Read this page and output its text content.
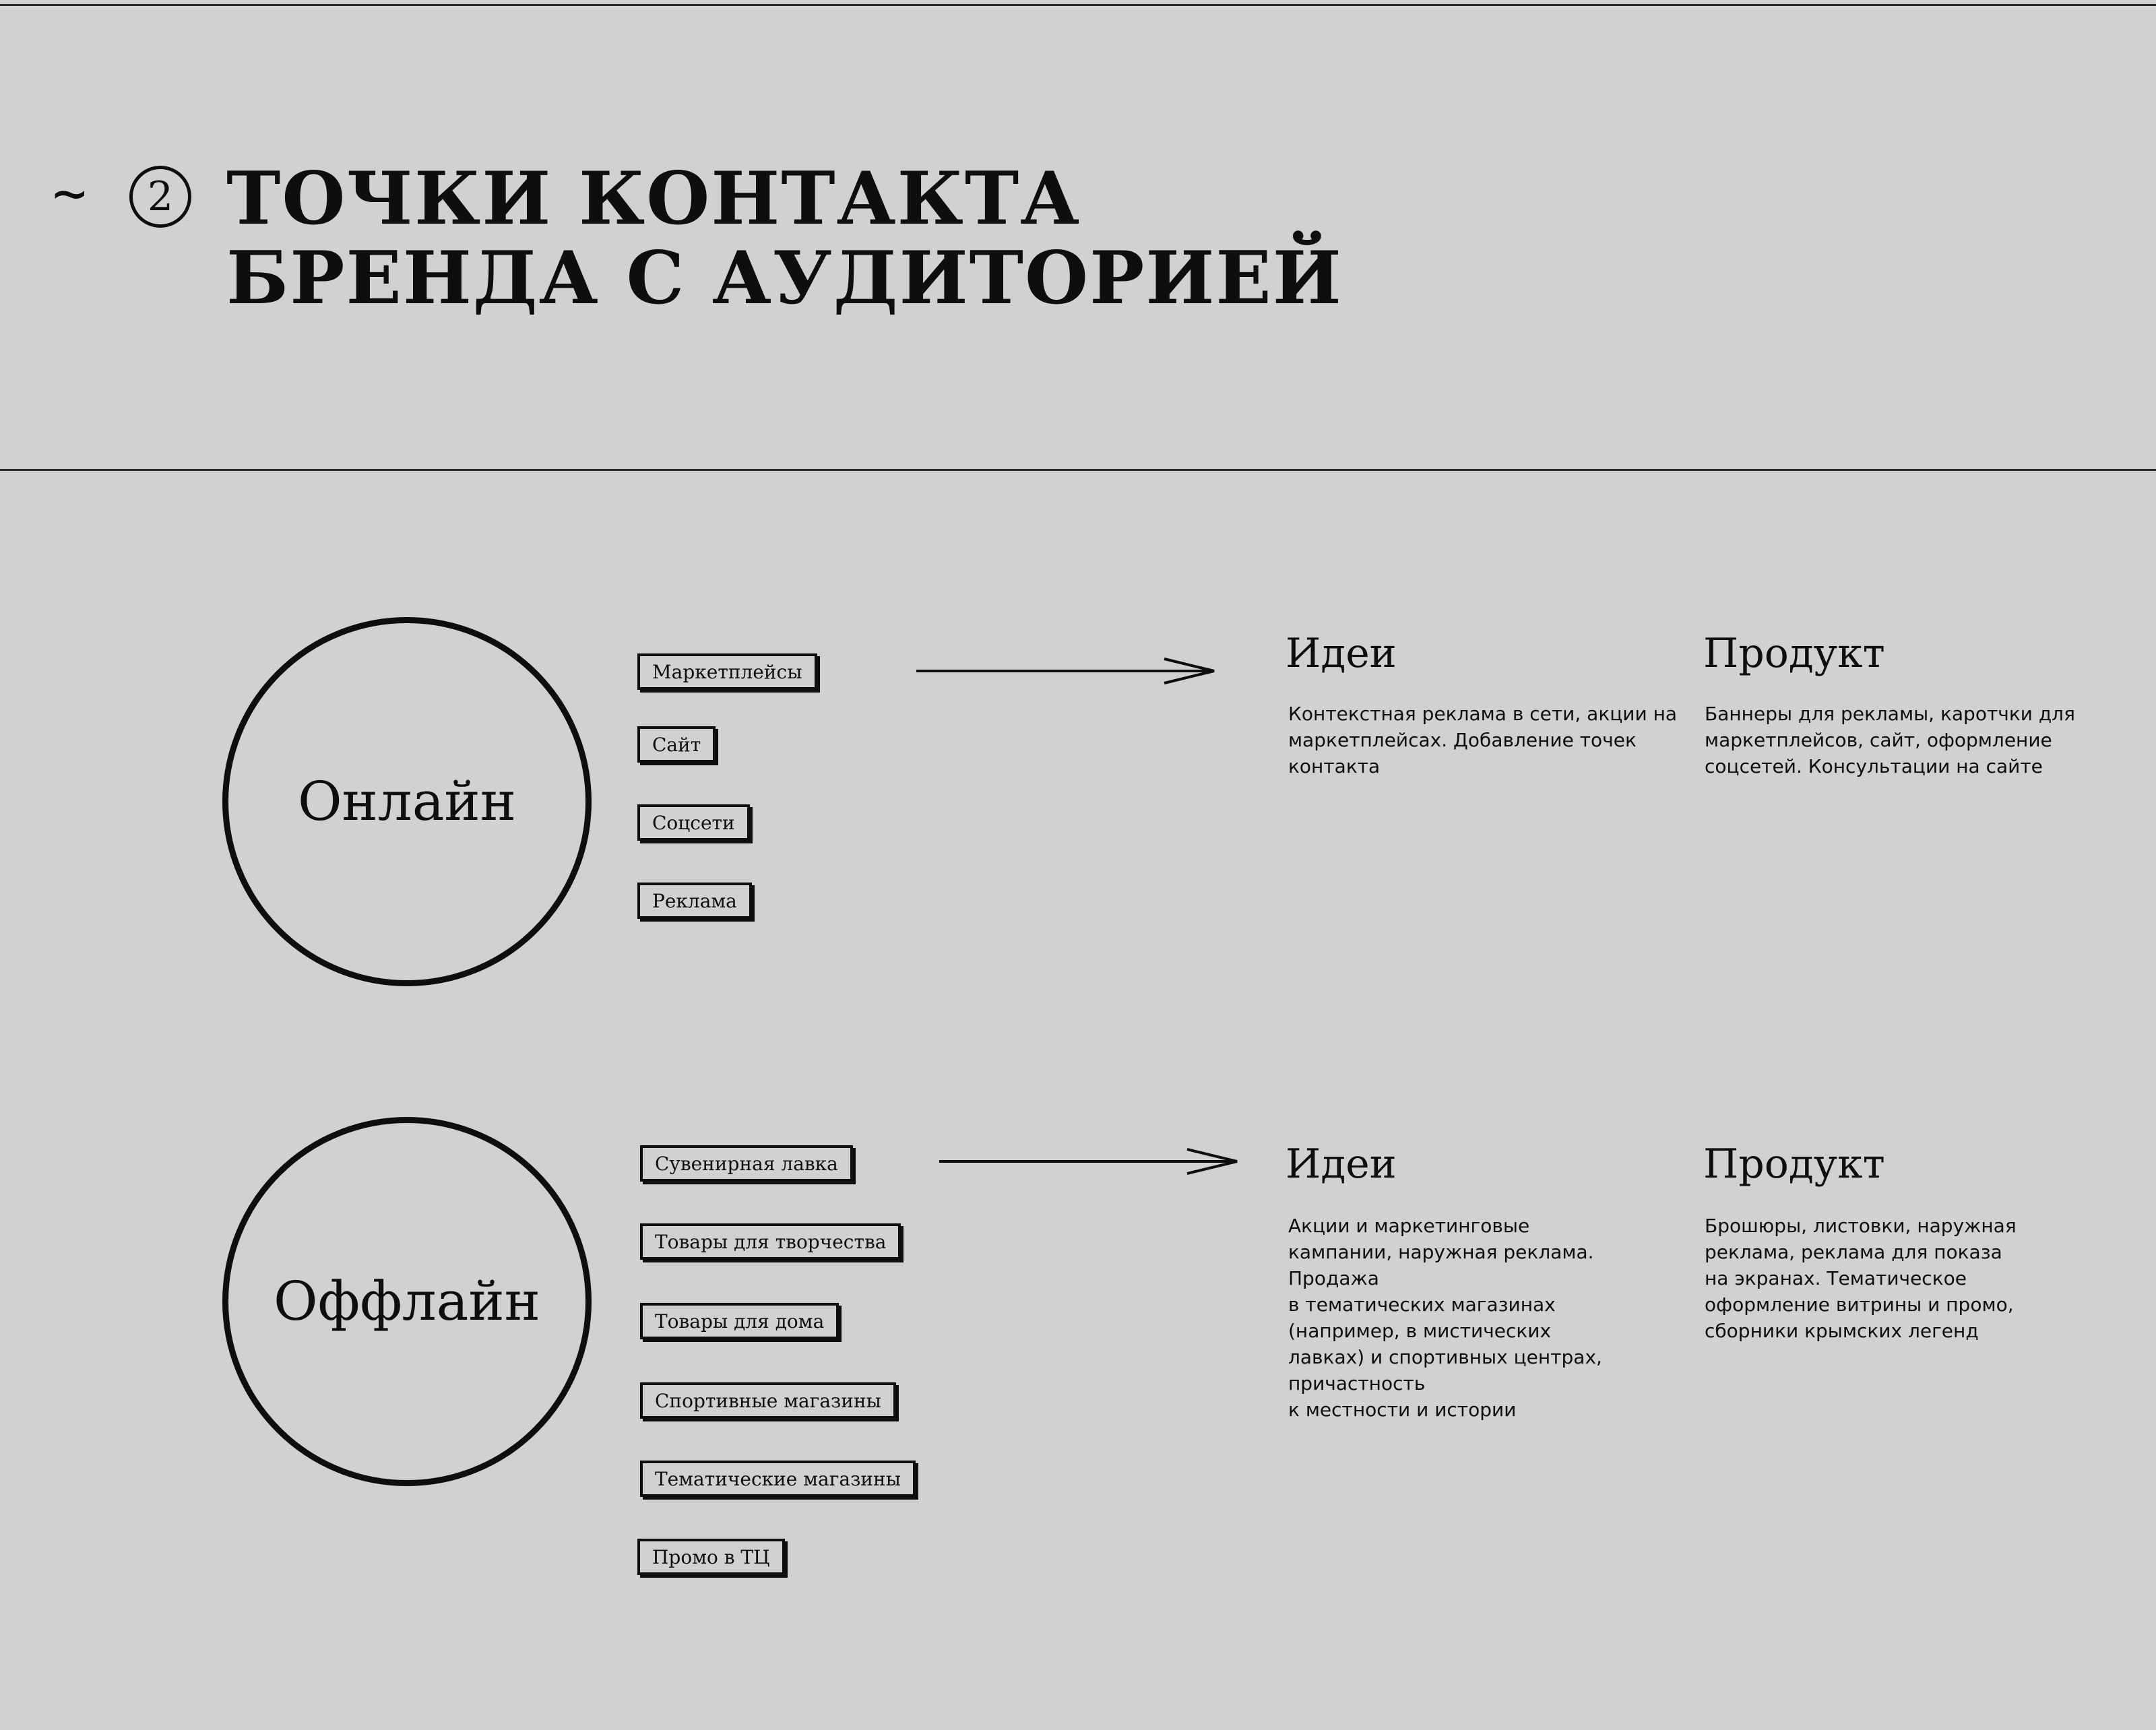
~ 2 ТОЧКИ КОНТАКТА
БРЕНДА С АУДИТОРИЕЙ
Онлайн
Маркетплейсы
Сайт
Соцсети
Реклама
Идеи
Контекстная реклама в сети, акции на
маркетплейсах. Добавление точек
контакта
Продукт
Баннеры для рекламы, каротчки для
маркетплейсов, сайт, оформление
соцсетей. Консультации на сайте
Оффлайн
Сувенирная лавка
Товары для творчества
Товары для дома
Спортивные магазины
Тематические магазины
Промо в ТЦ
Идеи
Акции и маркетинговые
кампании, наружная реклама.
Продажа
в тематических магазинах
(например, в мистических
лавках) и спортивных центрах,
причастность
к местности и истории
Продукт
Брошюры, листовки, наружная
реклама, реклама для показа
на экранах. Тематическое
оформление витрины и промо,
сборники крымских легенд
